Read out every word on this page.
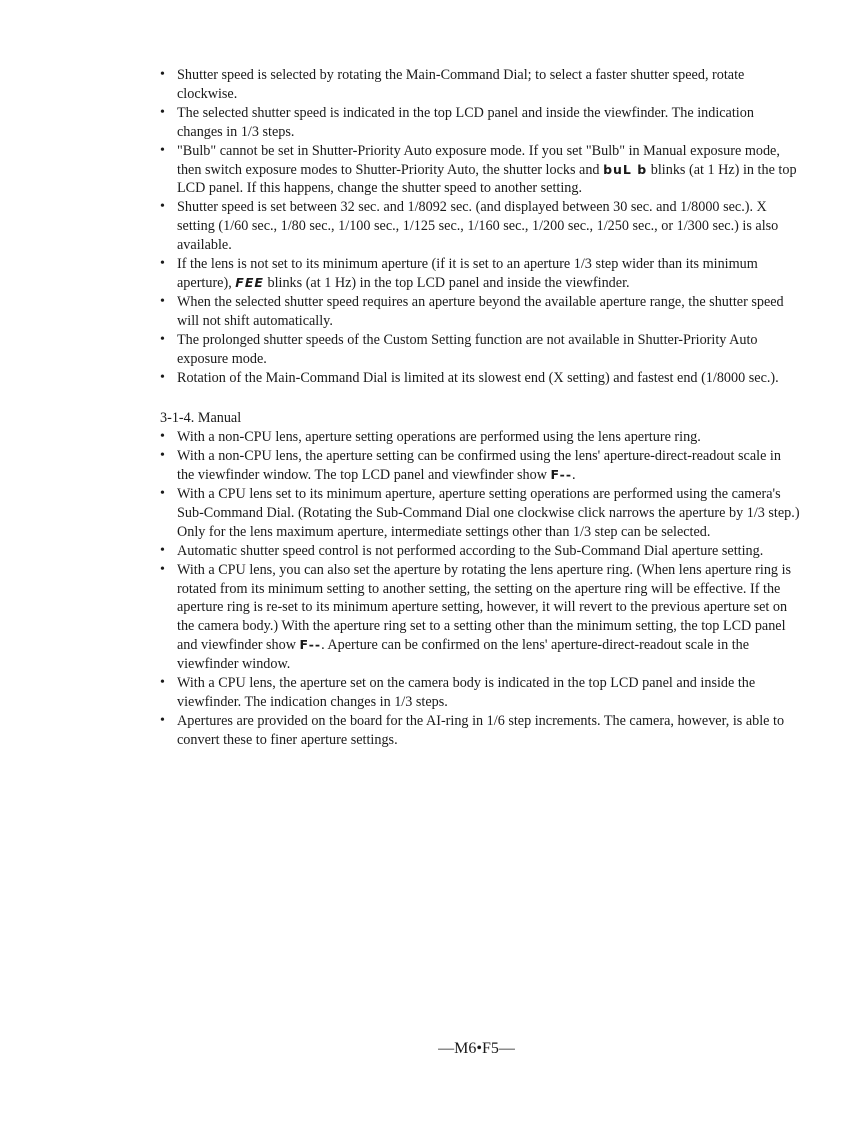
• Shutter speed is selected by rotating the Main-Command Dial; to select a faster shutter speed, rotate clockwise.
• The selected shutter speed is indicated in the top LCD panel and inside the viewfinder. The indication changes in 1/3 steps.
• "Bulb" cannot be set in Shutter-Priority Auto exposure mode. If you set "Bulb" in Manual exposure mode, then switch exposure modes to Shutter-Priority Auto, the shutter locks and buL b blinks (at 1 Hz) in the top LCD panel. If this happens, change the shutter speed to another setting.
• Shutter speed is set between 32 sec. and 1/8092 sec. (and displayed between 30 sec. and 1/8000 sec.). X setting (1/60 sec., 1/80 sec., 1/100 sec., 1/125 sec., 1/160 sec., 1/200 sec., 1/250 sec., or 1/300 sec.) is also available.
• If the lens is not set to its minimum aperture (if it is set to an aperture 1/3 step wider than its minimum aperture), FEE blinks (at 1 Hz) in the top LCD panel and inside the viewfinder.
• When the selected shutter speed requires an aperture beyond the available aperture range, the shutter speed will not shift automatically.
• The prolonged shutter speeds of the Custom Setting function are not available in Shutter-Priority Auto exposure mode.
• Rotation of the Main-Command Dial is limited at its slowest end (X setting) and fastest end (1/8000 sec.).
3-1-4. Manual
• With a non-CPU lens, aperture setting operations are performed using the lens aperture ring.
• With a non-CPU lens, the aperture setting can be confirmed using the lens' aperture-direct-readout scale in the viewfinder window. The top LCD panel and viewfinder show F--.
• With a CPU lens set to its minimum aperture, aperture setting operations are performed using the camera's Sub-Command Dial. (Rotating the Sub-Command Dial one clockwise click narrows the aperture by 1/3 step.) Only for the lens maximum aperture, intermediate settings other than 1/3 step can be selected.
• Automatic shutter speed control is not performed according to the Sub-Command Dial aperture setting.
• With a CPU lens, you can also set the aperture by rotating the lens aperture ring. (When lens aperture ring is rotated from its minimum setting to another setting, the setting on the aperture ring will be effective. If the aperture ring is re-set to its minimum aperture setting, however, it will revert to the previous aperture set on the camera body.) With the aperture ring set to a setting other than the minimum setting, the top LCD panel and viewfinder show F--. Aperture can be confirmed on the lens' aperture-direct-readout scale in the viewfinder window.
• With a CPU lens, the aperture set on the camera body is indicated in the top LCD panel and inside the viewfinder. The indication changes in 1/3 steps.
• Apertures are provided on the board for the AI-ring in 1/6 step increments. The camera, however, is able to convert these to finer aperture settings.
—M6•F5—
